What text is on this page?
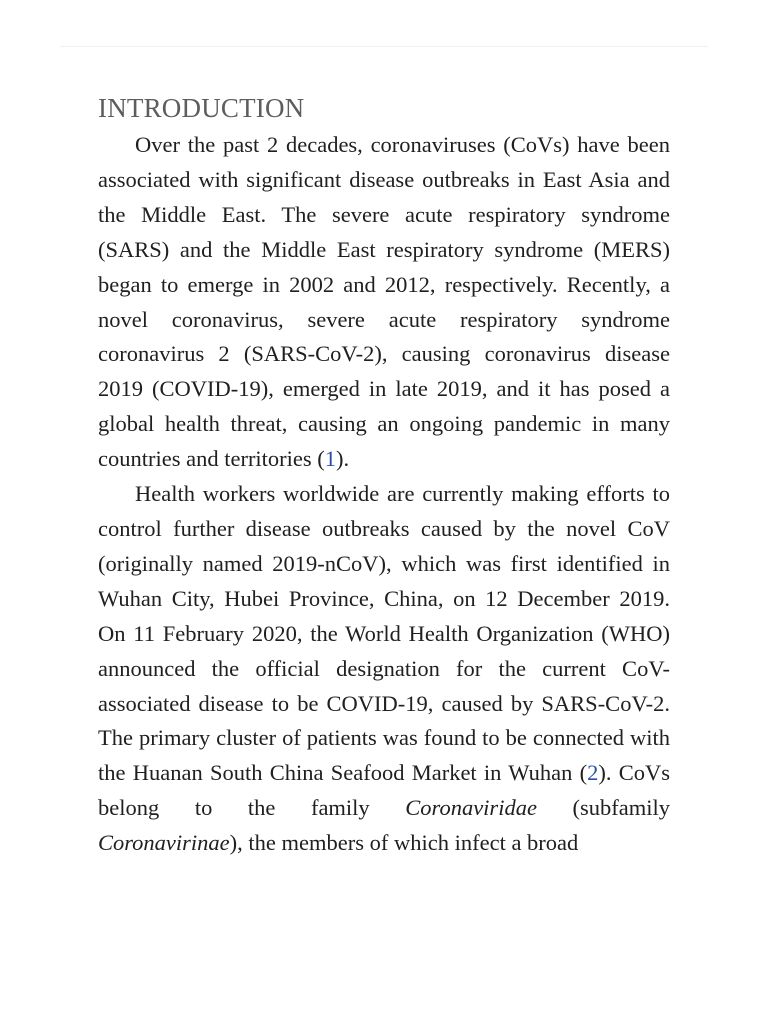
INTRODUCTION

Over the past 2 decades, coronaviruses (CoVs) have been associated with significant disease outbreaks in East Asia and the Middle East. The severe acute respiratory syndrome (SARS) and the Middle East respiratory syndrome (MERS) began to emerge in 2002 and 2012, respectively. Recently, a novel coronavirus, severe acute respiratory syndrome coronavirus 2 (SARS-CoV-2), causing coronavirus disease 2019 (COVID-19), emerged in late 2019, and it has posed a global health threat, causing an ongoing pandemic in many countries and territories (1).

Health workers worldwide are currently making efforts to control further disease outbreaks caused by the novel CoV (originally named 2019-nCoV), which was first identified in Wuhan City, Hubei Province, China, on 12 December 2019. On 11 February 2020, the World Health Organization (WHO) announced the official designation for the current CoV-associated disease to be COVID-19, caused by SARS-CoV-2. The primary cluster of patients was found to be connected with the Huanan South China Seafood Market in Wuhan (2). CoVs belong to the family Coronaviridae (subfamily Coronavirinae), the members of which infect a broad
